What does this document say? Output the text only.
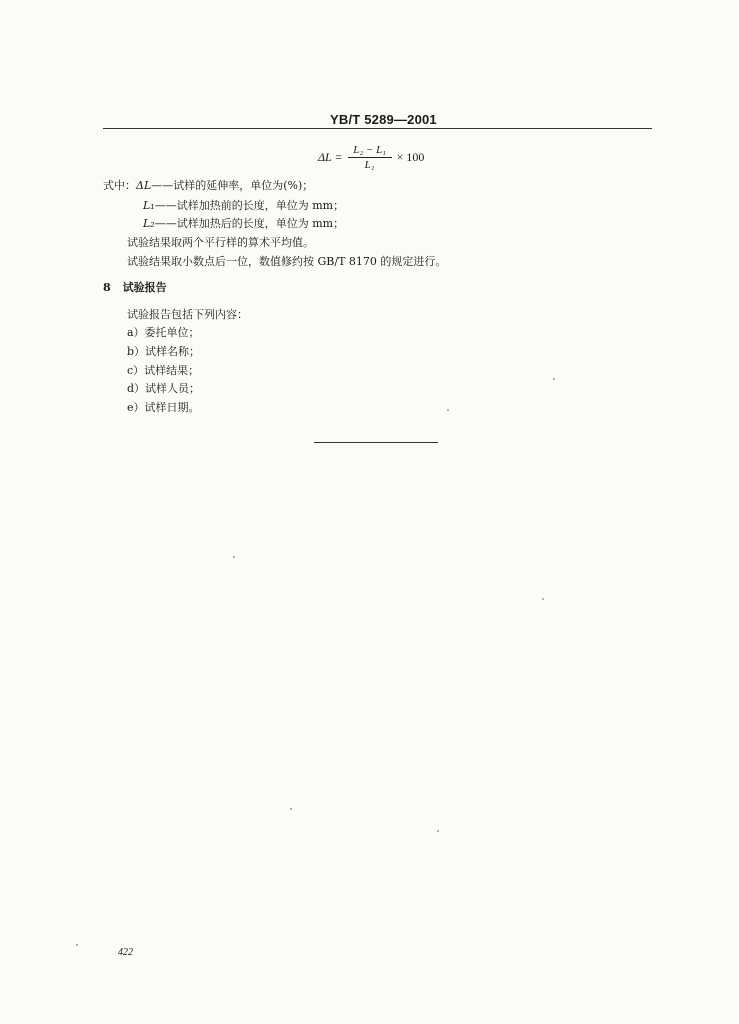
YB/T 5289—2001
$\Delta L = \frac{\text{L₂ − L₁}}{\text{L₁}} \times 100$
式中：ΔL——试样的延伸率，单位为(%)；
L₁——试样加热前的长度，单位为 mm；
L₂——试样加热后的长度，单位为 mm；
试验结果取两个平行样的算术平均值。
试验结果取小数点后一位，数值修约按 GB/T 8170 的规定进行。
8 试验报告
试验报告包括下列内容：
a）委托单位；
b）试样名称；
c）试样结果；
d）试样人员；
e）试样日期。
422
